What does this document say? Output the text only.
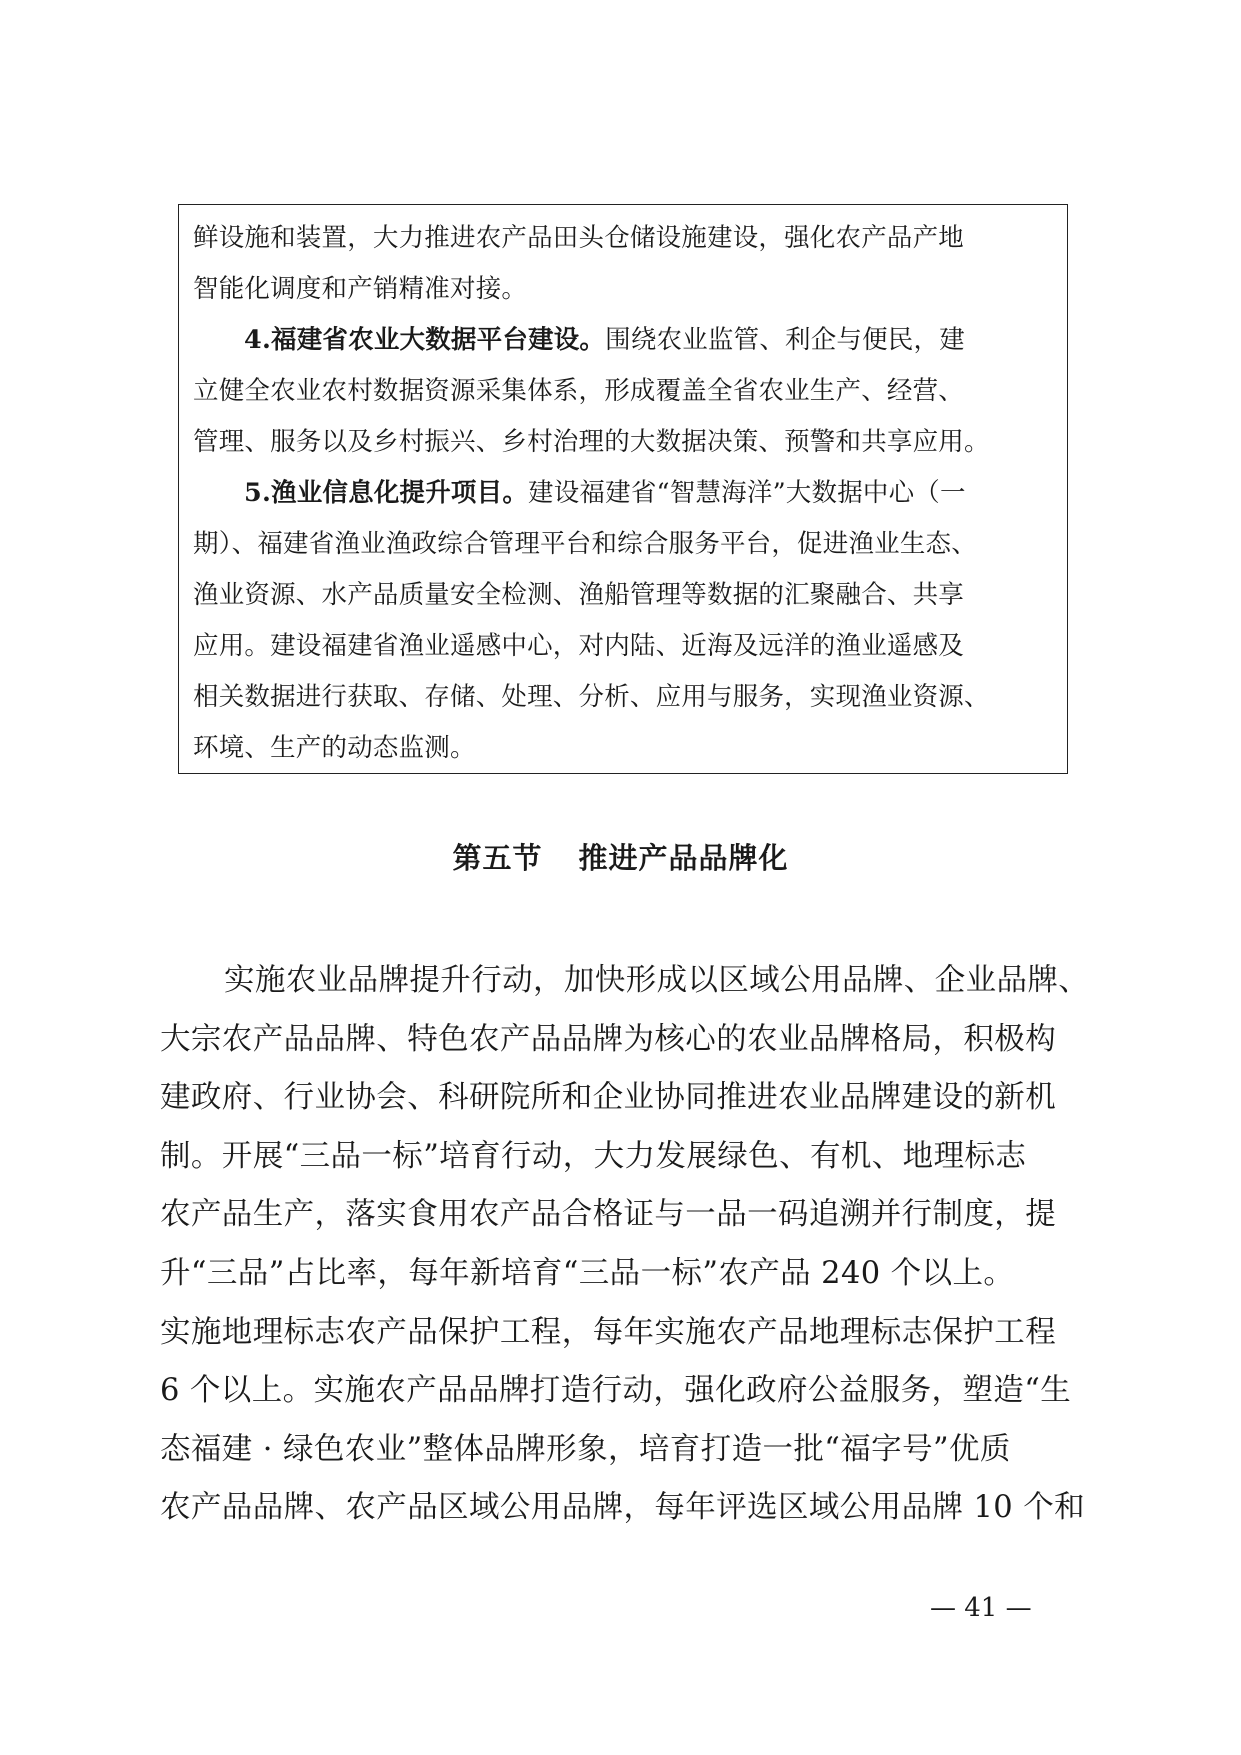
鲜设施和装置，大力推进农产品田头仓储设施建设，强化农产品产地
智能化调度和产销精准对接。

4.福建省农业大数据平台建设。围绕农业监管、利企与便民，建
立健全农业农村数据资源采集体系，形成覆盖全省农业生产、经营、
管理、服务以及乡村振兴、乡村治理的大数据决策、预警和共享应用。

5.渔业信息化提升项目。建设福建省“智慧海洋”大数据中心（一
期）、福建省渔业渔政综合管理平台和综合服务平台，促进渔业生态、
渔业资源、水产品质量安全检测、渔船管理等数据的汇聚融合、共享
应用。建设福建省渔业遥感中心，对内陆、近海及远洋的渔业遥感及
相关数据进行获取、存储、处理、分析、应用与服务，实现渔业资源、
环境、生产的动态监测。

第五节 推进产品品牌化
实施农业品牌提升行动，加快形成以区域公用品牌、企业品牌、
大宗农产品品牌、特色农产品品牌为核心的农业品牌格局，积极构
建政府、行业协会、科研院所和企业协同推进农业品牌建设的新机
制。开展“三品一标”培育行动，大力发展绿色、有机、地理标志
农产品生产，落实食用农产品合格证与一品一码追溯并行制度，提
升“三品”占比率，每年新培育“三品一标”农产品 240 个以上。
实施地理标志农产品保护工程，每年实施农产品地理标志保护工程
6 个以上。实施农产品品牌打造行动，强化政府公益服务，塑造“生
态福建 · 绿色农业”整体品牌形象，培育打造一批“福字号”优质
农产品品牌、农产品区域公用品牌，每年评选区域公用品牌 10 个和
— 41 —
